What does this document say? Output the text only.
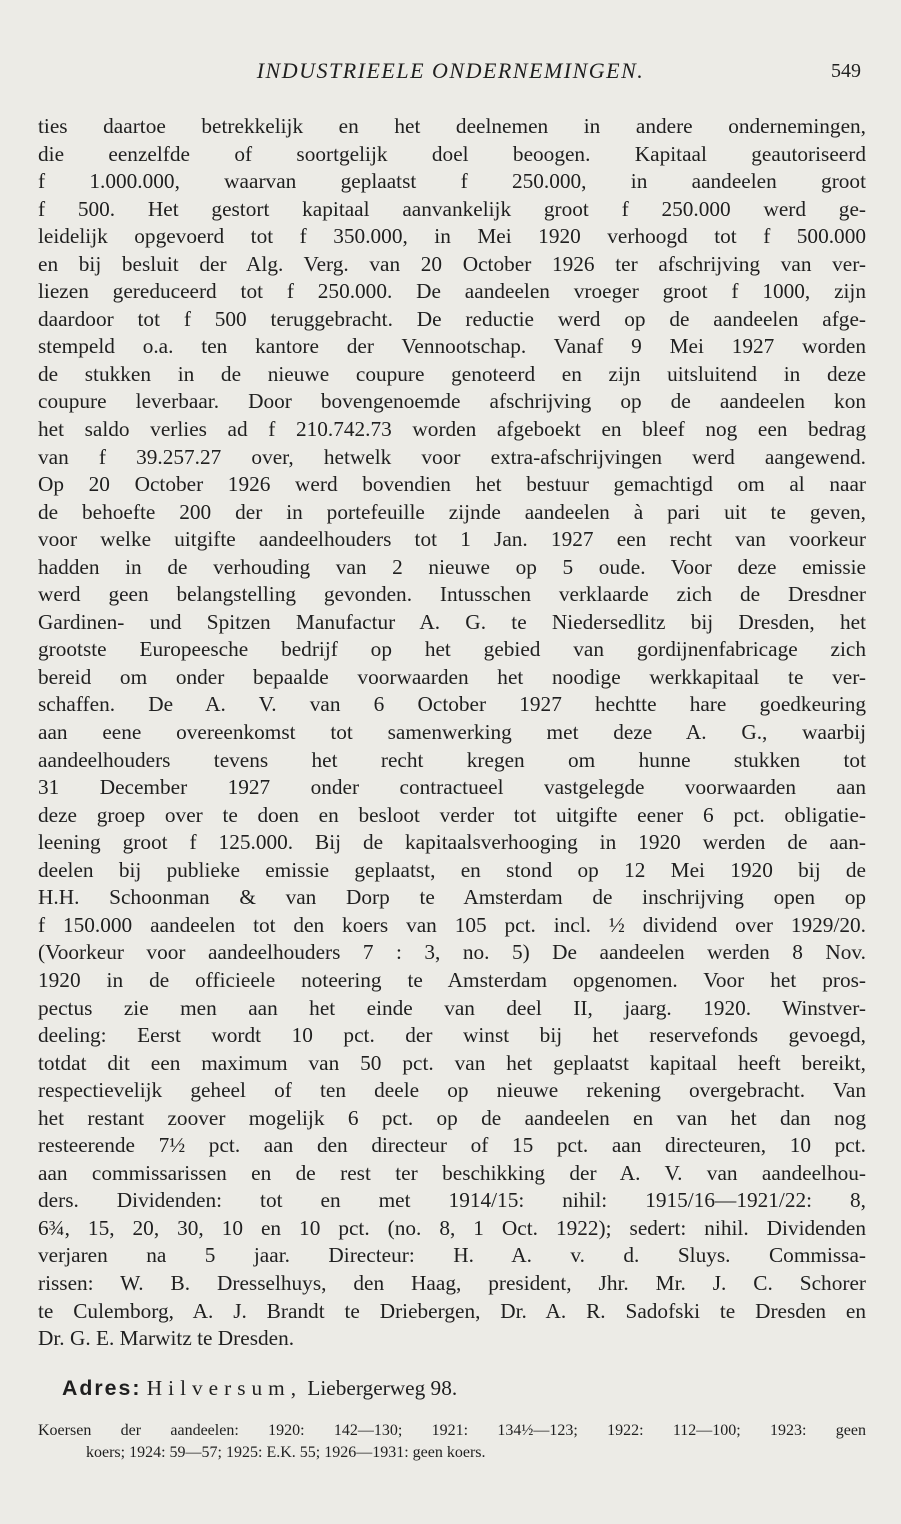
INDUSTRIEELE ONDERNEMINGEN.	549
ties daartoe betrekkelijk en het deelnemen in andere ondernemingen,
die eenzelfde of soortgelijk doel beoogen. Kapitaal geautoriseerd
f 1.000.000, waarvan geplaatst f 250.000, in aandeelen groot
f 500. Het gestort kapitaal aanvankelijk groot f 250.000 werd ge-
leidelijk opgevoerd tot f 350.000, in Mei 1920 verhoogd tot f 500.000
en bij besluit der Alg. Verg. van 20 October 1926 ter afschrijving van ver-
liezen gereduceerd tot f 250.000. De aandeelen vroeger groot f 1000, zijn
daardoor tot f 500 teruggebracht. De reductie werd op de aandeelen afge-
stempeld o.a. ten kantore der Vennootschap. Vanaf 9 Mei 1927 worden
de stukken in de nieuwe coupure genoteerd en zijn uitsluitend in deze
coupure leverbaar. Door bovengenoemde afschrijving op de aandeelen kon
het saldo verlies ad f 210.742.73 worden afgeboekt en bleef nog een bedrag
van f 39.257.27 over, hetwelk voor extra-afschrijvingen werd aangewend.
Op 20 October 1926 werd bovendien het bestuur gemachtigd om al naar
de behoefte 200 der in portefeuille zijnde aandeelen à pari uit te geven,
voor welke uitgifte aandeelhouders tot 1 Jan. 1927 een recht van voorkeur
hadden in de verhouding van 2 nieuwe op 5 oude. Voor deze emissie
werd geen belangstelling gevonden. Intusschen verklaarde zich de Dresdner
Gardinen- und Spitzen Manufactur A. G. te Niedersedlitz bij Dresden, het
grootste Europeesche bedrijf op het gebied van gordijnenfabricage zich
bereid om onder bepaalde voorwaarden het noodige werkkapitaal te ver-
schaffen. De A. V. van 6 October 1927 hechtte hare goedkeuring
aan eene overeenkomst tot samenwerking met deze A. G., waarbij
aandeelhouders tevens het recht kregen om hunne stukken tot
31 December 1927 onder contractueel vastgelegde voorwaarden aan
deze groep over te doen en besloot verder tot uitgifte eener 6 pct. obligatie-
leening groot f 125.000. Bij de kapitaalsverhooging in 1920 werden de aan-
deelen bij publieke emissie geplaatst, en stond op 12 Mei 1920 bij de
H.H. Schoonman & van Dorp te Amsterdam de inschrijving open op
f 150.000 aandeelen tot den koers van 105 pct. incl. ½ dividend over 1929/20.
(Voorkeur voor aandeelhouders 7 : 3, no. 5) De aandeelen werden 8 Nov.
1920 in de officieele noteering te Amsterdam opgenomen. Voor het pros-
pectus zie men aan het einde van deel II, jaarg. 1920. Winstver-
deeling: Eerst wordt 10 pct. der winst bij het reservefonds gevoegd,
totdat dit een maximum van 50 pct. van het geplaatst kapitaal heeft bereikt,
respectievelijk geheel of ten deele op nieuwe rekening overgebracht. Van
het restant zoover mogelijk 6 pct. op de aandeelen en van het dan nog
resteerende 7½ pct. aan den directeur of 15 pct. aan directeuren, 10 pct.
aan commissarissen en de rest ter beschikking der A. V. van aandeelhou-
ders. Dividenden: tot en met 1914/15: nihil: 1915/16—1921/22: 8,
6¾, 15, 20, 30, 10 en 10 pct. (no. 8, 1 Oct. 1922); sedert: nihil. Dividenden
verjaren na 5 jaar. Directeur: H. A. v. d. Sluys. Commissa-
rissen: W. B. Dresselhuys, den Haag, president, Jhr. Mr. J. C. Schorer
te Culemborg, A. J. Brandt te Driebergen, Dr. A. R. Sadofski te Dresden en
Dr. G. E. Marwitz te Dresden.
Adres: Hilversum, Liebergerweg 98.
Koersen der aandeelen: 1920: 142—130; 1921: 134½—123; 1922: 112—100; 1923: geen
koers; 1924: 59—57; 1925: E.K. 55; 1926—1931: geen koers.
